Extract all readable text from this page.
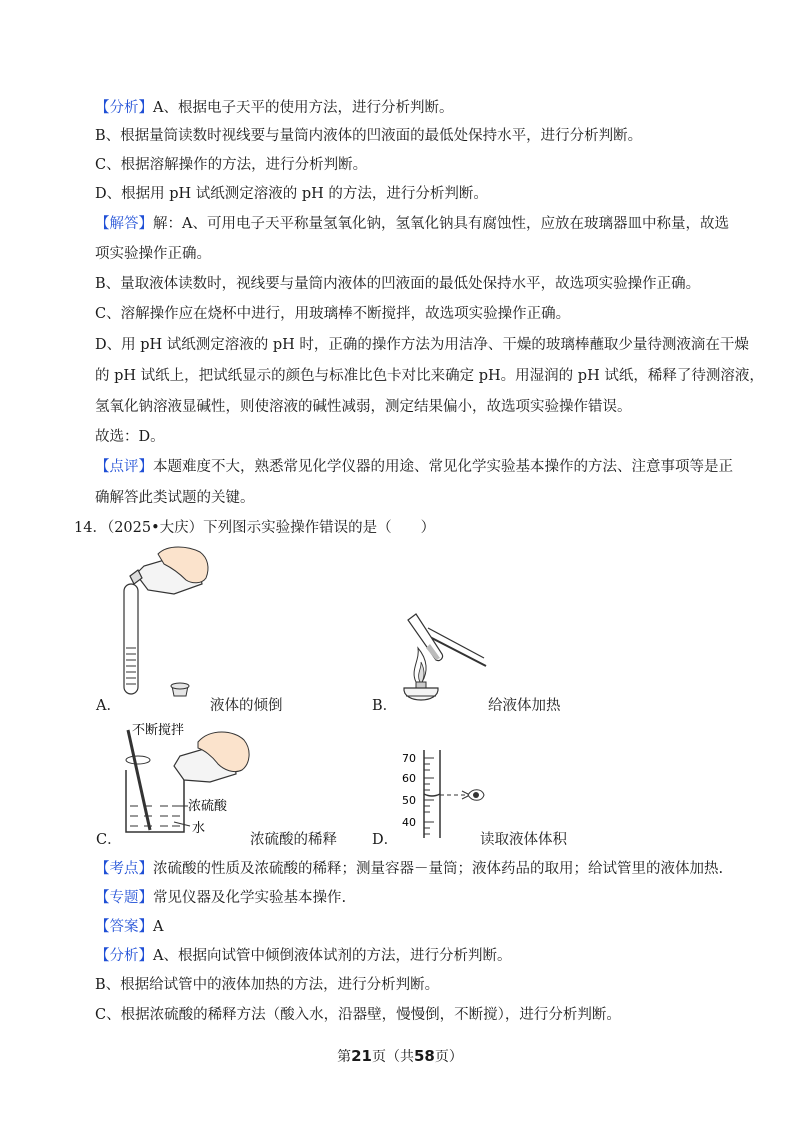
【分析】A、根据电子天平的使用方法，进行分析判断。
B、根据量筒读数时视线要与量筒内液体的凹液面的最低处保持水平，进行分析判断。
C、根据溶解操作的方法，进行分析判断。
D、根据用 pH 试纸测定溶液的 pH 的方法，进行分析判断。
【解答】解：A、可用电子天平称量氢氧化钠，氢氧化钠具有腐蚀性，应放在玻璃器皿中称量，故选
项实验操作正确。
B、量取液体读数时，视线要与量筒内液体的凹液面的最低处保持水平，故选项实验操作正确。
C、溶解操作应在烧杯中进行，用玻璃棒不断搅拌，故选项实验操作正确。
D、用 pH 试纸测定溶液的 pH 时，正确的操作方法为用洁净、干燥的玻璃棒蘸取少量待测液滴在干燥
的 pH 试纸上，把试纸显示的颜色与标准比色卡对比来确定 pH。用湿润的 pH 试纸，稀释了待测溶液，
氢氧化钠溶液显碱性，则使溶液的碱性减弱，测定结果偏小，故选项实验操作错误。
故选：D。
【点评】本题难度不大，熟悉常见化学仪器的用途、常见化学实验基本操作的方法、注意事项等是正
确解答此类试题的关键。
14．（2025•大庆）下列图示实验操作错误的是（　　）
A．	液体的倾倒	B．	给液体加热
不断搅拌
浓硫酸
水
C．	浓硫酸的稀释
70
60
50
40
D．	读取液体体积
【考点】浓硫酸的性质及浓硫酸的稀释；测量容器－量筒；液体药品的取用；给试管里的液体加热.
【专题】常见仪器及化学实验基本操作.
【答案】A
【分析】A、根据向试管中倾倒液体试剂的方法，进行分析判断。
B、根据给试管中的液体加热的方法，进行分析判断。
C、根据浓硫酸的稀释方法（酸入水，沿器壁，慢慢倒，不断搅），进行分析判断。
第21页（共58页）
